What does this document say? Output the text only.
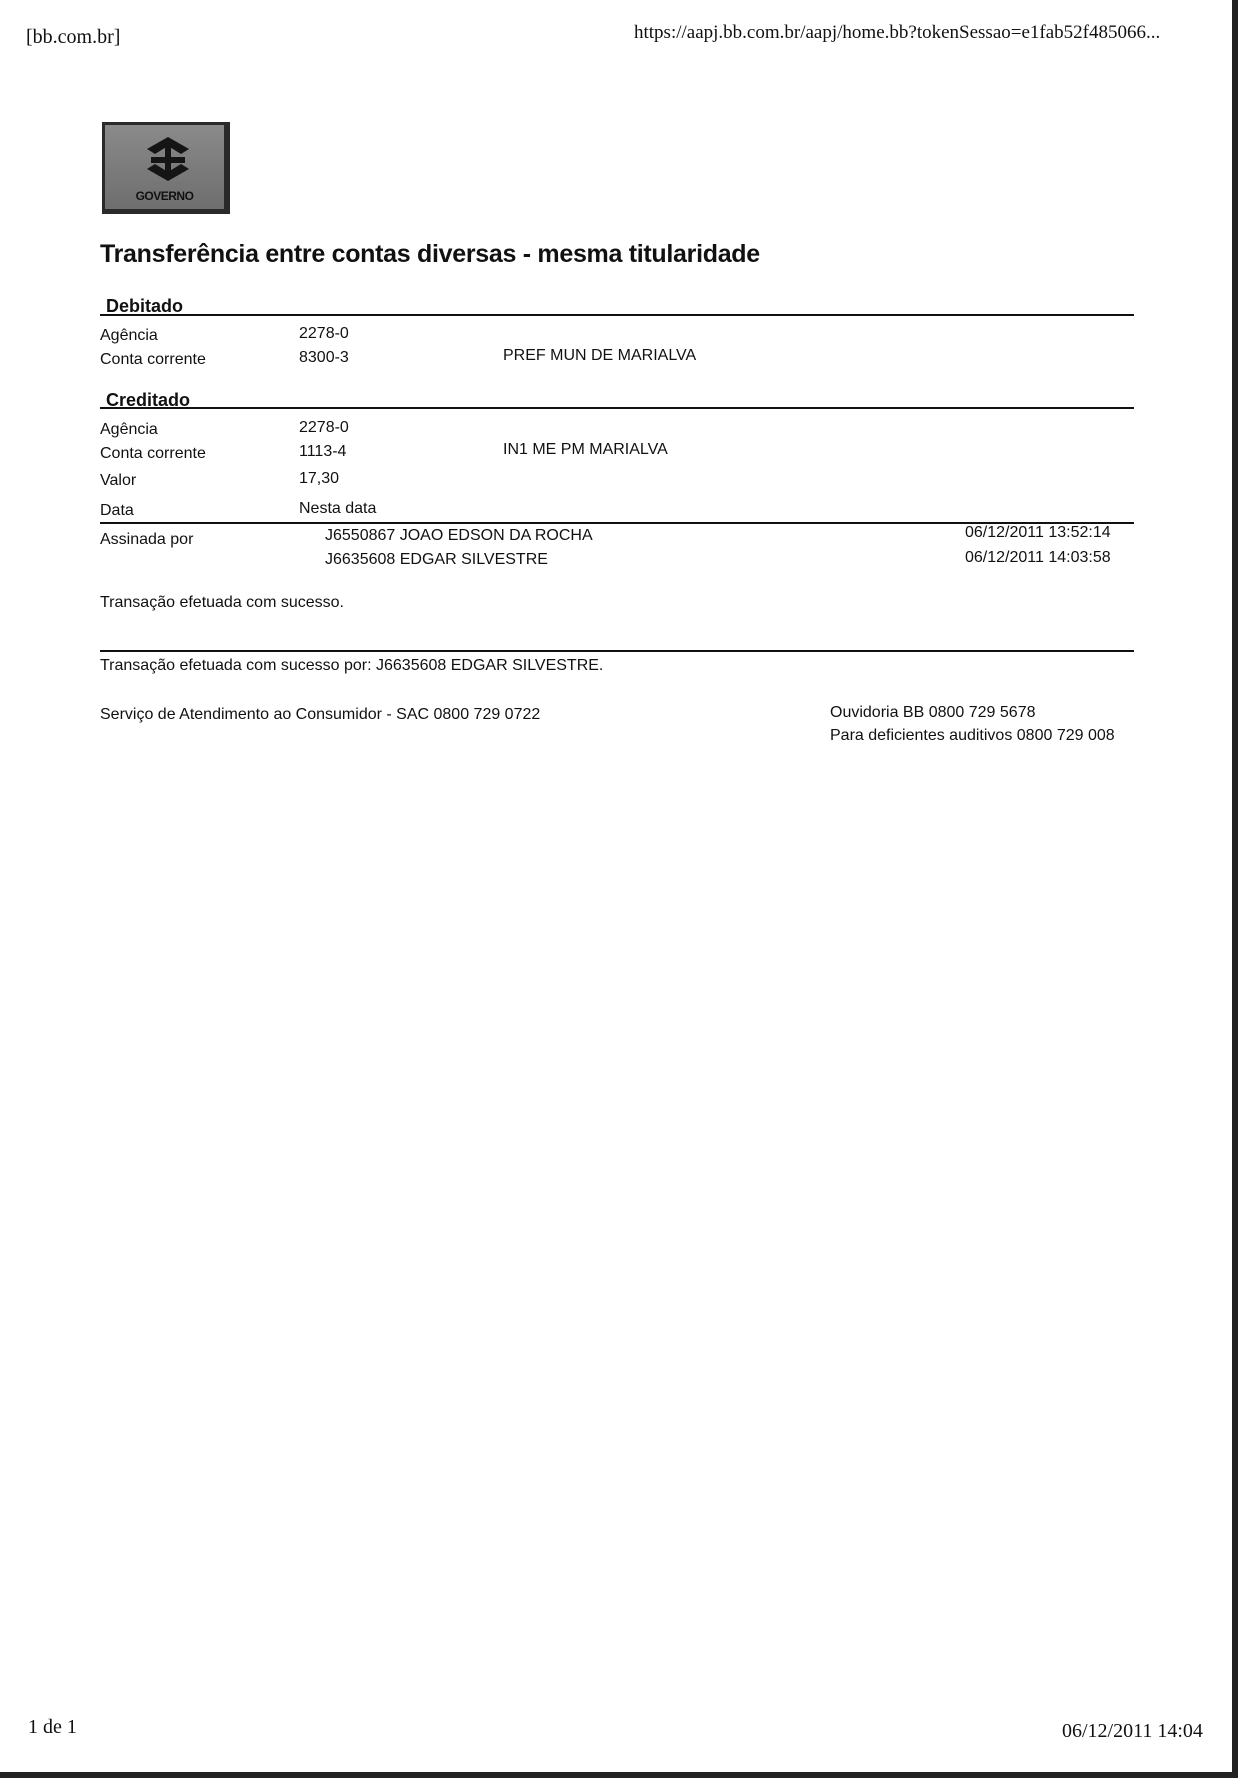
[bb.com.br]	https://aapj.bb.com.br/aapj/home.bb?tokenSessao=e1fab52f485066...
GOVERNO
Transferência entre contas diversas - mesma titularidade
Debitado
Agência	2278-0
Conta corrente	8300-3	PREF MUN DE MARIALVA
Creditado
Agência	2278-0
Conta corrente	1113-4	IN1 ME PM MARIALVA
Valor	17,30
Data	Nesta data
Assinada por	J6550867 JOAO EDSON DA ROCHA	06/12/2011 13:52:14
J6635608 EDGAR SILVESTRE	06/12/2011 14:03:58
Transação efetuada com sucesso.
Transação efetuada com sucesso por: J6635608 EDGAR SILVESTRE.
Serviço de Atendimento ao Consumidor - SAC 0800 729 0722	Ouvidoria BB 0800 729 5678
Para deficientes auditivos 0800 729 008
1 de 1	06/12/2011 14:04
